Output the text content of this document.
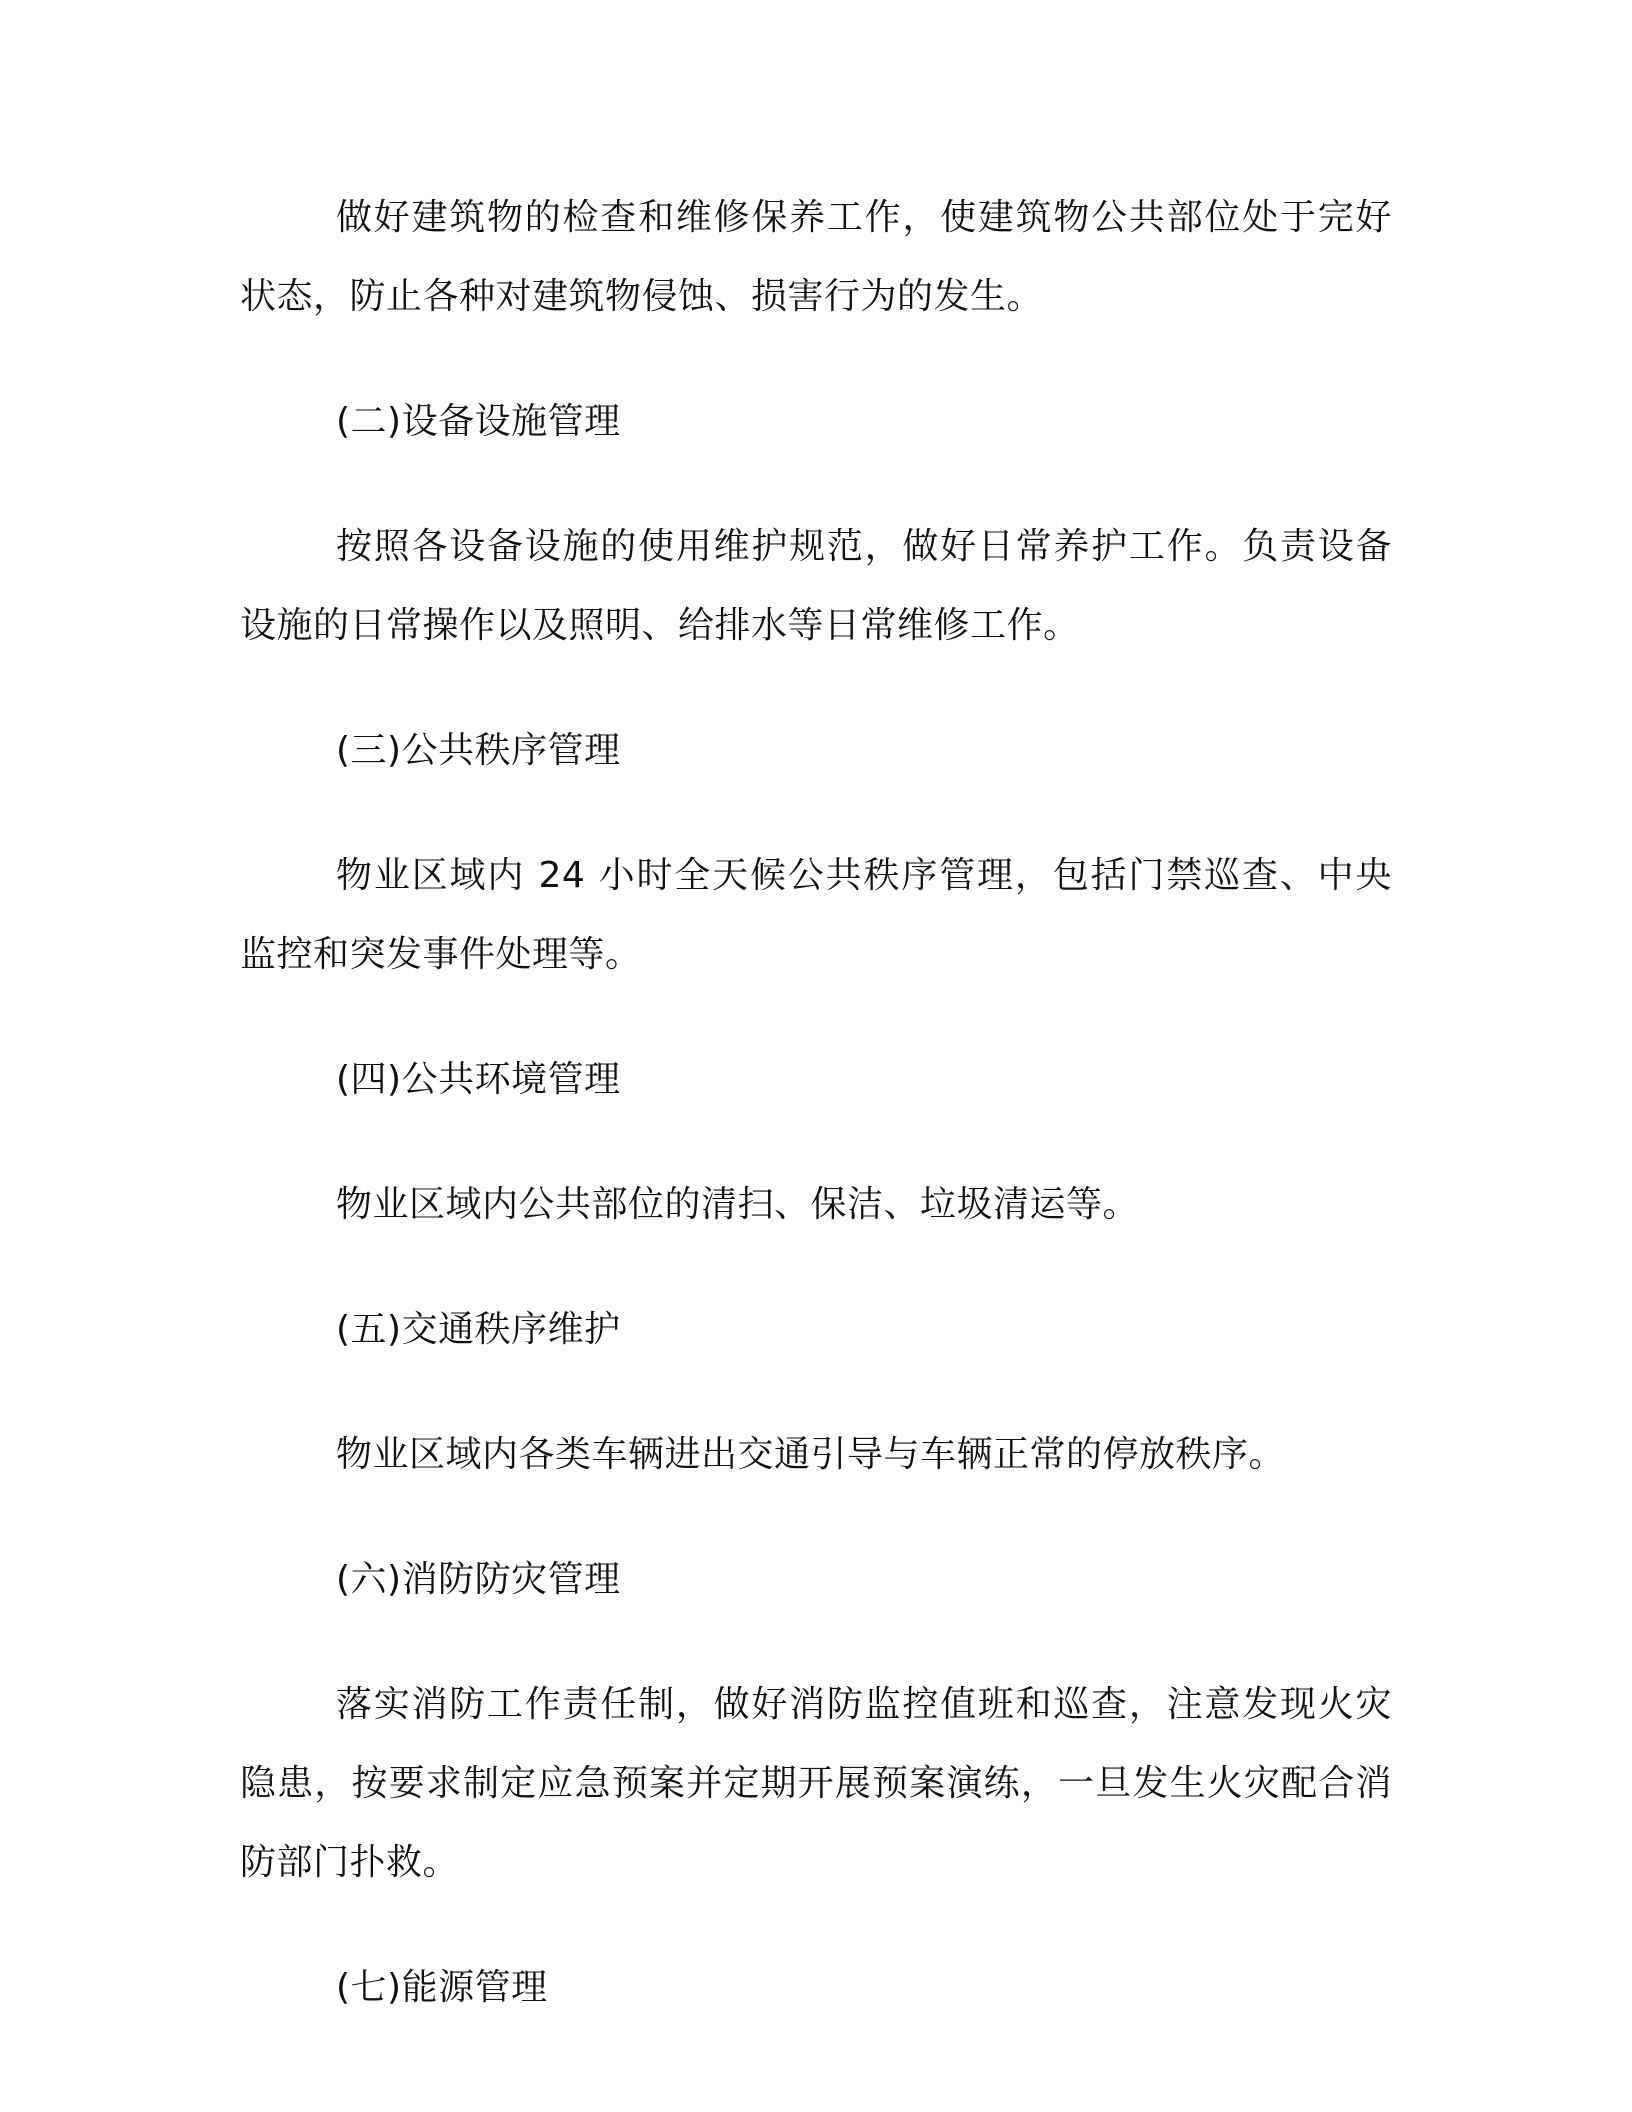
做好建筑物的检查和维修保养工作，使建筑物公共部位处于完好状态，防止各种对建筑物侵蚀、损害行为的发生。

(二)设备设施管理

按照各设备设施的使用维护规范，做好日常养护工作。负责设备设施的日常操作以及照明、给排水等日常维修工作。

(三)公共秩序管理

物业区域内 24 小时全天候公共秩序管理，包括门禁巡查、中央监控和突发事件处理等。

(四)公共环境管理

物业区域内公共部位的清扫、保洁、垃圾清运等。

(五)交通秩序维护

物业区域内各类车辆进出交通引导与车辆正常的停放秩序。

(六)消防防灾管理

落实消防工作责任制，做好消防监控值班和巡查，注意发现火灾隐患，按要求制定应急预案并定期开展预案演练，一旦发生火灾配合消防部门扑救。

(七)能源管理
